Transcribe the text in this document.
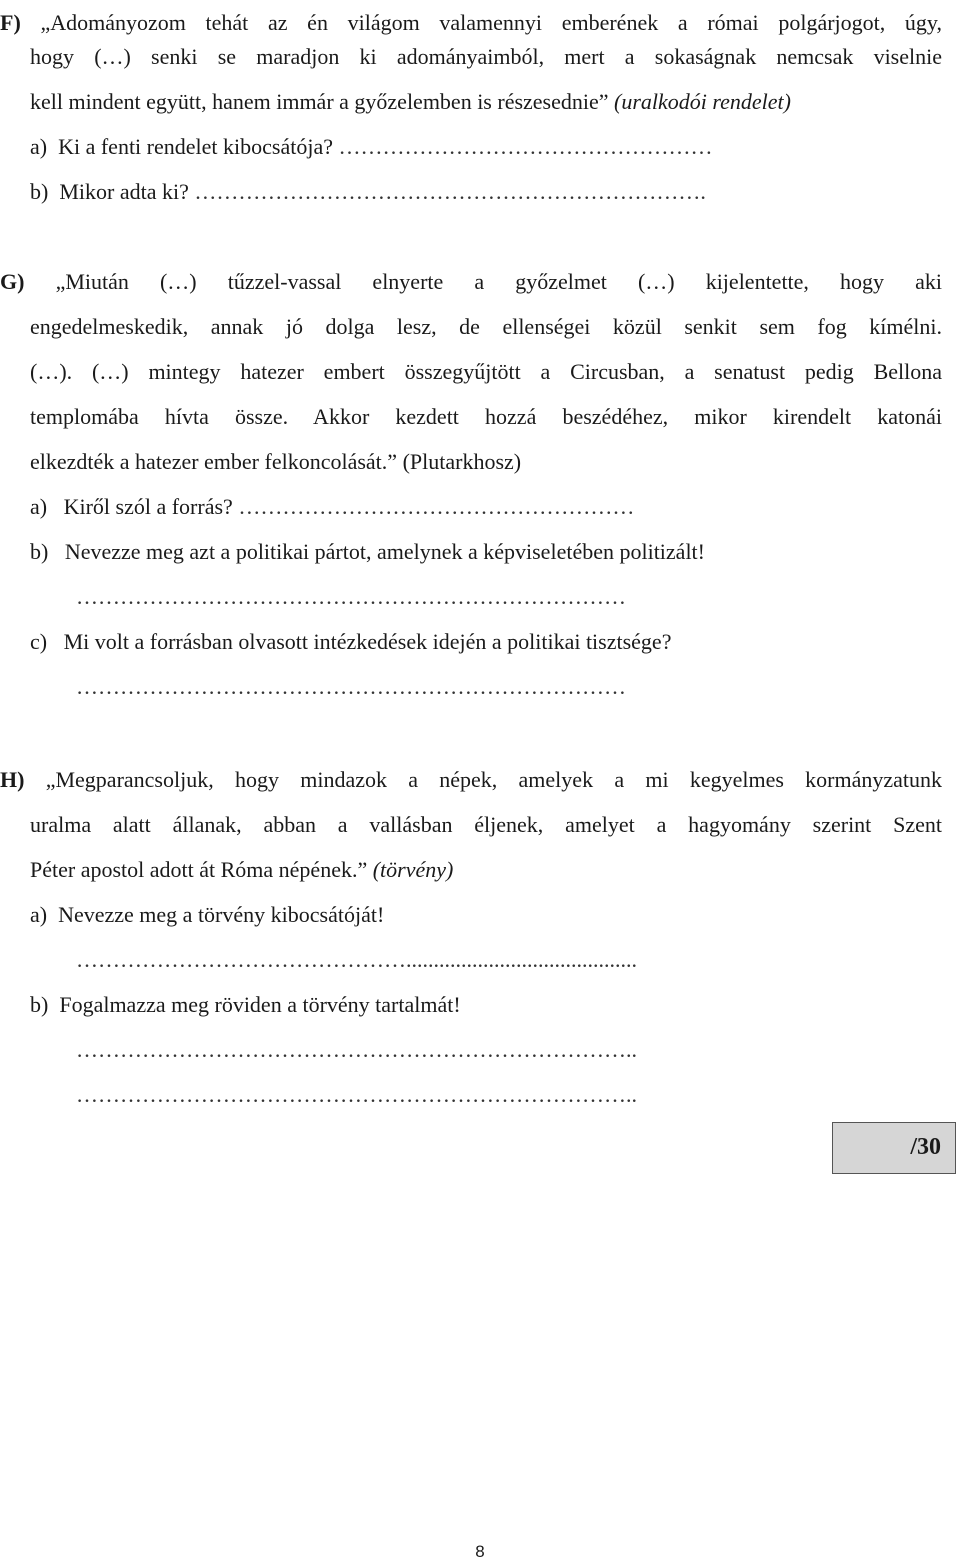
F) „Adományozom tehát az én világom valamennyi emberének a római polgárjogot, úgy,
hogy (…) senki se maradjon ki adományaimból, mert a sokaságnak nemcsak viselnie
kell mindent együtt, hanem immár a győzelemben is részesednie” (uralkodói rendelet)
a) Ki a fenti rendelet kibocsátója? ……………………………………………
b) Mikor adta ki? …………………………………………………………….
G) „Miután (…) tűzzel-vassal elnyerte a győzelmet (…) kijelentette, hogy aki
engedelmeskedik, annak jó dolga lesz, de ellenségei közül senkit sem fog kímélni.
(…). (…) mintegy hatezer embert összegyűjtött a Circusban, a senatust pedig Bellona
templomába hívta össze. Akkor kezdett hozzá beszédéhez, mikor kirendelt katonái
elkezdték a hatezer ember felkoncolását.” (Plutarkhosz)
a) Kiről szól a forrás? ………………………………………………
b) Nevezze meg azt a politikai pártot, amelynek a képviseletében politizált!
…………………………………………………………………
c) Mi volt a forrásban olvasott intézkedések idején a politikai tisztsége?
…………………………………………………………………
H) „Megparancsoljuk, hogy mindazok a népek, amelyek a mi kegyelmes kormányzatunk
uralma alatt állanak, abban a vallásban éljenek, amelyet a hagyomány szerint Szent
Péter apostol adott át Róma népének.” (törvény)
a) Nevezze meg a törvény kibocsátóját!
………………………………………..........................................
b) Fogalmazza meg röviden a törvény tartalmát!
…………………………………………………………………..
…………………………………………………………………..
/30
8
